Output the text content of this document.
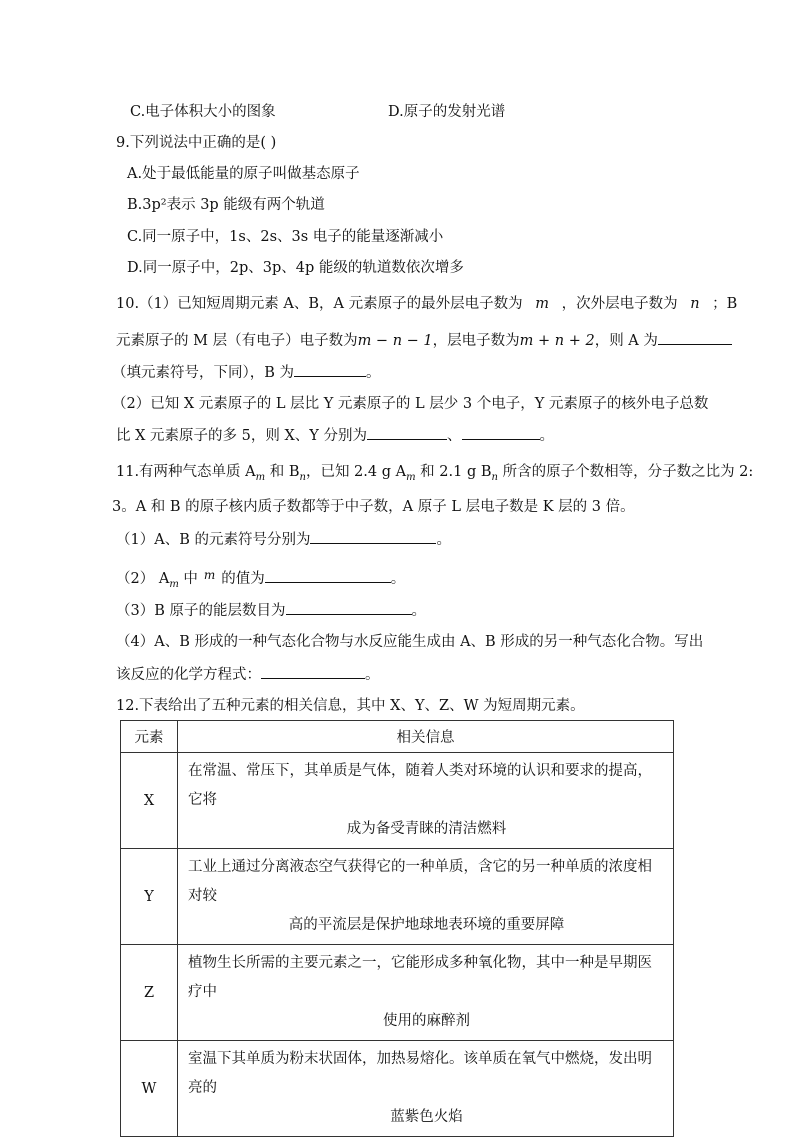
C.电子体积大小的图象	D.原子的发射光谱
9.下列说法中正确的是( )
A.处于最低能量的原子叫做基态原子
B.3p²表示 3p 能级有两个轨道
C.同一原子中，1s、2s、3s 电子的能量逐渐减小
D.同一原子中，2p、3p、4p 能级的轨道数依次增多
10.（1）已知短周期元素 A、B，A 元素原子的最外层电子数为 m ，次外层电子数为 n ；B
元素原子的 M 层（有电子）电子数为m − n − 1，层电子数为m + n + 2，则 A 为
（填元素符号，下同），B 为	。
（2）已知 X 元素原子的 L 层比 Y 元素原子的 L 层少 3 个电子，Y 元素原子的核外电子总数
比 X 元素原子的多 5，则 X、Y 分别为	、	。
11.有两种气态单质 $A_m$ 和 $B_n$，已知 2.4 g $A_m$ 和 2.1 g $B_n$ 所含的原子个数相等，分子数之比为 2:
3。A 和 B 的原子核内质子数都等于中子数，A 原子 L 层电子数是 K 层的 3 倍。
（1）A、B 的元素符号分别为	。
（2） $A_m$ 中 $^m$ 的值为	。
（3）B 原子的能层数目为	。
（4）A、B 形成的一种气态化合物与水反应能生成由 A、B 形成的另一种气态化合物。写出
该反应的化学方程式：	。
12.下表给出了五种元素的相关信息，其中 X、Y、Z、W 为短周期元素。
元素	相关信息
X	在常温、常压下，其单质是气体，随着人类对环境的认识和要求的提高，它将
成为备受青睐的清洁燃料

Y	工业上通过分离液态空气获得它的一种单质，含它的另一种单质的浓度相对较
高的平流层是保护地球地表环境的重要屏障

Z	植物生长所需的主要元素之一，它能形成多种氧化物，其中一种是早期医疗中
使用的麻醉剂

W	室温下其单质为粉末状固体，加热易熔化。该单质在氧气中燃烧，发出明亮的
蓝紫色火焰
